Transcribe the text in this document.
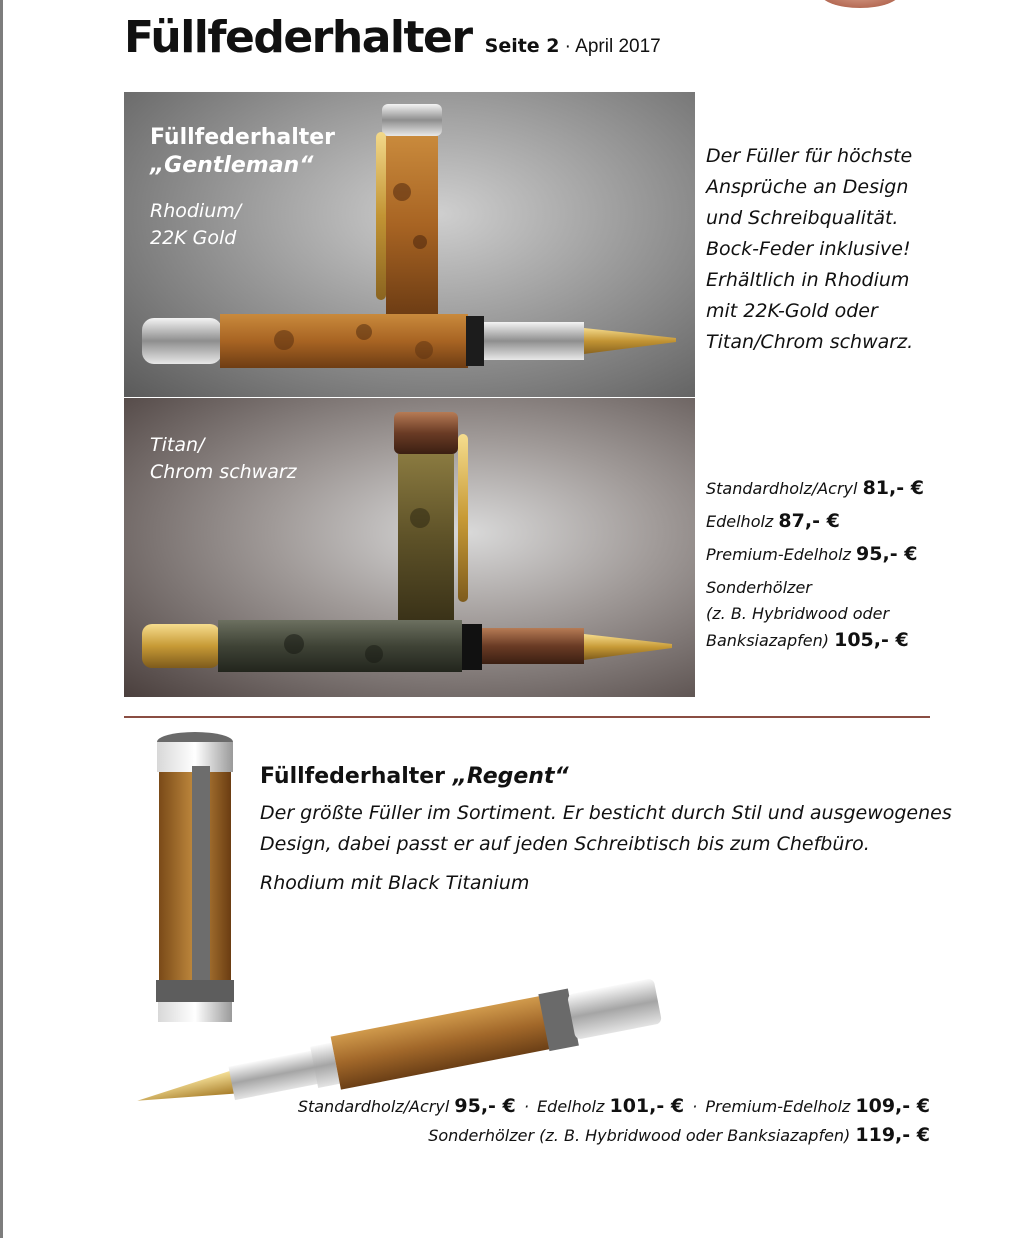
Füllfederhalter Seite 2 · April 2017
Füllfederhalter
„Gentleman“
Rhodium/
22K Gold
Titan/
Chrom schwarz
Der Füller für höchste
Ansprüche an Design
und Schreibqualität.
Bock-Feder inklusive!
Erhältlich in Rhodium
mit 22K-Gold oder
Titan/Chrom schwarz.
Standardholz/Acryl 81,- €
Edelholz 87,- €
Premium-Edelholz 95,- €
Sonderhölzer
(z. B. Hybridwood oder
Banksiazapfen) 105,- €
Füllfederhalter „Regent“
Der größte Füller im Sortiment. Er besticht durch Stil und ausgewogenes
Design, dabei passt er auf jeden Schreibtisch bis zum Chefbüro.
Rhodium mit Black Titanium
Standardholz/Acryl 95,- € · Edelholz 101,- € · Premium-Edelholz 109,- €
Sonderhölzer (z. B. Hybridwood oder Banksiazapfen) 119,- €
